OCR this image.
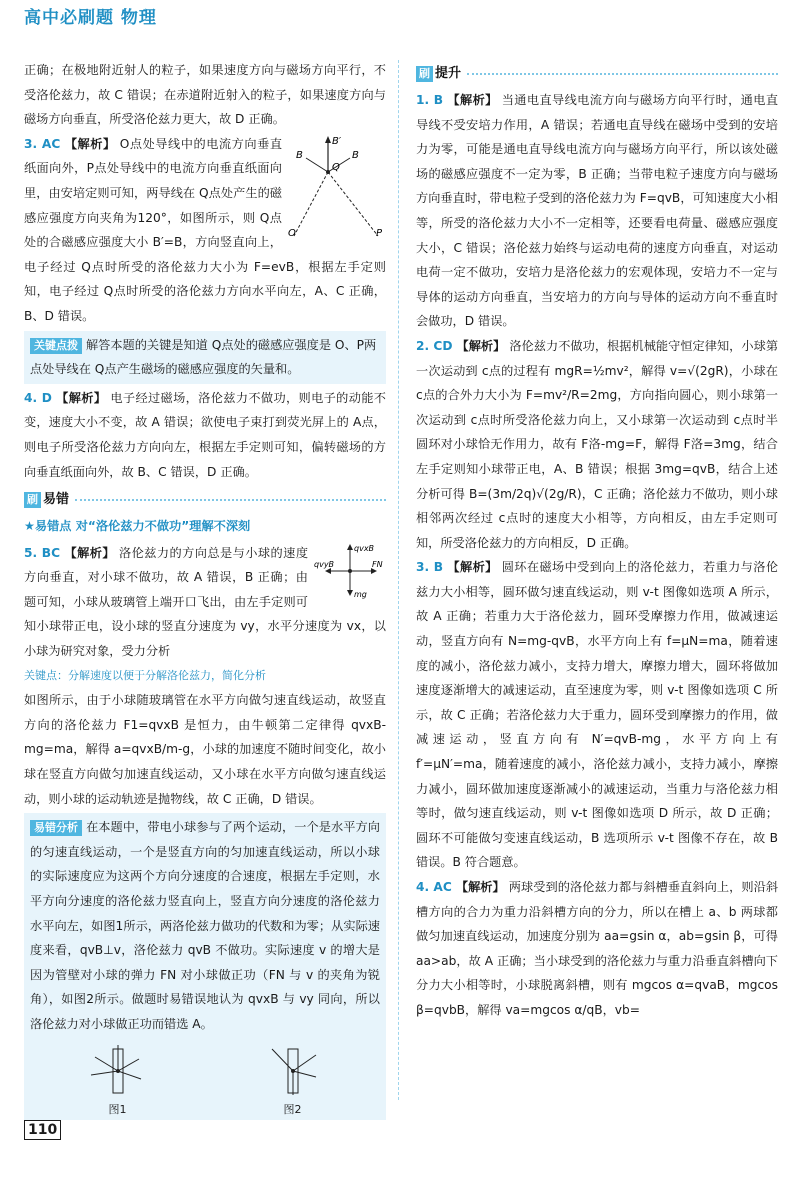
高中必刷题 物理

正确；在极地附近射人的粒子，如果速度方向与磁场方向平行，不受洛伦兹力，故 C 错误；在赤道附近射入的粒子，如果速度方向与磁场方向垂直，所受洛伦兹力更大，故 D 正确。

B′
B	B
Q
O	P

3. AC 【解析】 O点处导线中的电流方向垂直纸面向外，P点处导线中的电流方向垂直纸面向里，由安培定则可知，两导线在 Q点处产生的磁感应强度方向夹角为120°，如图所示，则 Q点处的合磁感应强度大小 B′=B，方向竖直向上，电子经过 Q点时所受的洛伦兹力大小为 F=evB，根据左手定则知，电子经过 Q点时所受的洛伦兹力方向水平向左，A、C 正确，B、D 错误。

关键点拨 解答本题的关键是知道 Q点处的磁感应强度是 O、P两点处导线在 Q点产生磁场的磁感应强度的矢量和。

4. D 【解析】 电子经过磁场，洛伦兹力不做功，则电子的动能不变，速度大小不变，故 A 错误；欲使电子束打到荧光屏上的 A点，则电子所受洛伦兹力方向向左，根据左手定则可知，偏转磁场的方向垂直纸面向外，故 B、C 错误，D 正确。

刷 易错
★易错点 对“洛伦兹力不做功”理解不深刻
qvxB
qvyB	FN
mg

5. BC 【解析】 洛伦兹力的方向总是与小球的速度方向垂直，对小球不做功，故 A 错误，B 正确；由题可知，小球从玻璃管上端开口飞出，由左手定则可知小球带正电，设小球的竖直分速度为 vy，水平分速度为 vx，以小球为研究对象，受力分析

关键点：分解速度以便于分解洛伦兹力，简化分析

如图所示，由于小球随玻璃管在水平方向做匀速直线运动，故竖直方向的洛伦兹力 F1=qvxB 是恒力，由牛顿第二定律得 qvxB-mg=ma，解得 a=qvxB/m-g，小球的加速度不随时间变化，故小球在竖直方向做匀加速直线运动，又小球在水平方向做匀速直线运动，则小球的运动轨迹是抛物线，故 C 正确，D 错误。

易错分析 在本题中，带电小球参与了两个运动，一个是水平方向的匀速直线运动，一个是竖直方向的匀加速直线运动，所以小球的实际速度应为这两个方向分速度的合速度，根据左手定则，水平方向分速度的洛伦兹力竖直向上，竖直方向分速度的洛伦兹力水平向左，如图1所示，两洛伦兹力做功的代数和为零；从实际速度来看，qvB⊥v，洛伦兹力 qvB 不做功。实际速度 v 的增大是因为管壁对小球的弹力 FN 对小球做正功（FN 与 v 的夹角为锐角），如图2所示。做题时易错误地认为 qvxB 与 vy 同向，所以洛伦兹力对小球做正功而错选 A。

图1	图2
刷 提升

1. B 【解析】 当通电直导线电流方向与磁场方向平行时，通电直导线不受安培力作用，A 错误；若通电直导线在磁场中受到的安培力为零，可能是通电直导线电流方向与磁场方向平行，所以该处磁场的磁感应强度不一定为零，B 正确；当带电粒子速度方向与磁场方向垂直时，带电粒子受到的洛伦兹力为 F=qvB，可知速度大小相等，所受的洛伦兹力大小不一定相等，还要看电荷量、磁感应强度大小，C 错误；洛伦兹力始终与运动电荷的速度方向垂直，对运动电荷一定不做功，安培力是洛伦兹力的宏观体现，安培力不一定与导体的运动方向垂直，当安培力的方向与导体的运动方向不垂直时会做功，D 错误。

2. CD 【解析】 洛伦兹力不做功，根据机械能守恒定律知，小球第一次运动到 c点的过程有 mgR=½mv²，解得 v=√(2gR)，小球在 c点的合外力大小为 F=mv²/R=2mg，方向指向圆心，则小球第一次运动到 c点时所受洛伦兹力向上，又小球第一次运动到 c点时半圆环对小球恰无作用力，故有 F洛-mg=F，解得 F洛=3mg，结合左手定则知小球带正电，A、B 错误；根据 3mg=qvB，结合上述分析可得 B=(3m/2q)√(2g/R)，C 正确；洛伦兹力不做功，则小球相邻两次经过 c点时的速度大小相等，方向相反，由左手定则可知，所受洛伦兹力的方向相反，D 正确。

3. B 【解析】 圆环在磁场中受到向上的洛伦兹力，若重力与洛伦兹力大小相等，圆环做匀速直线运动，则 v-t 图像如选项 A 所示，故 A 正确；若重力大于洛伦兹力，圆环受摩擦力作用，做减速运动，竖直方向有 N=mg-qvB，水平方向上有 f=μN=ma，随着速度的减小，洛伦兹力减小，支持力增大，摩擦力增大，圆环将做加速度逐渐增大的减速运动，直至速度为零，则 v-t 图像如选项 C 所示，故 C 正确；若洛伦兹力大于重力，圆环受到摩擦力的作用，做减速运动，竖直方向有 N′=qvB-mg，水平方向上有 f′=μN′=ma，随着速度的减小，洛伦兹力减小，支持力减小，摩擦力减小，圆环做加速度逐渐减小的减速运动，当重力与洛伦兹力相等时，做匀速直线运动，则 v-t 图像如选项 D 所示，故 D 正确；圆环不可能做匀变速直线运动，B 选项所示 v-t 图像不存在，故 B 错误。B 符合题意。

4. AC 【解析】 两球受到的洛伦兹力都与斜槽垂直斜向上，则沿斜槽方向的合力为重力沿斜槽方向的分力，所以在槽上 a、b 两球都做匀加速直线运动，加速度分别为 aa=gsin α，ab=gsin β，可得 aa>ab，故 A 正确；当小球受到的洛伦兹力与重力沿垂直斜槽向下分力大小相等时，小球脱离斜槽，则有 mgcos α=qvaB，mgcos β=qvbB，解得 va=mgcos α/qB，vb=

110
